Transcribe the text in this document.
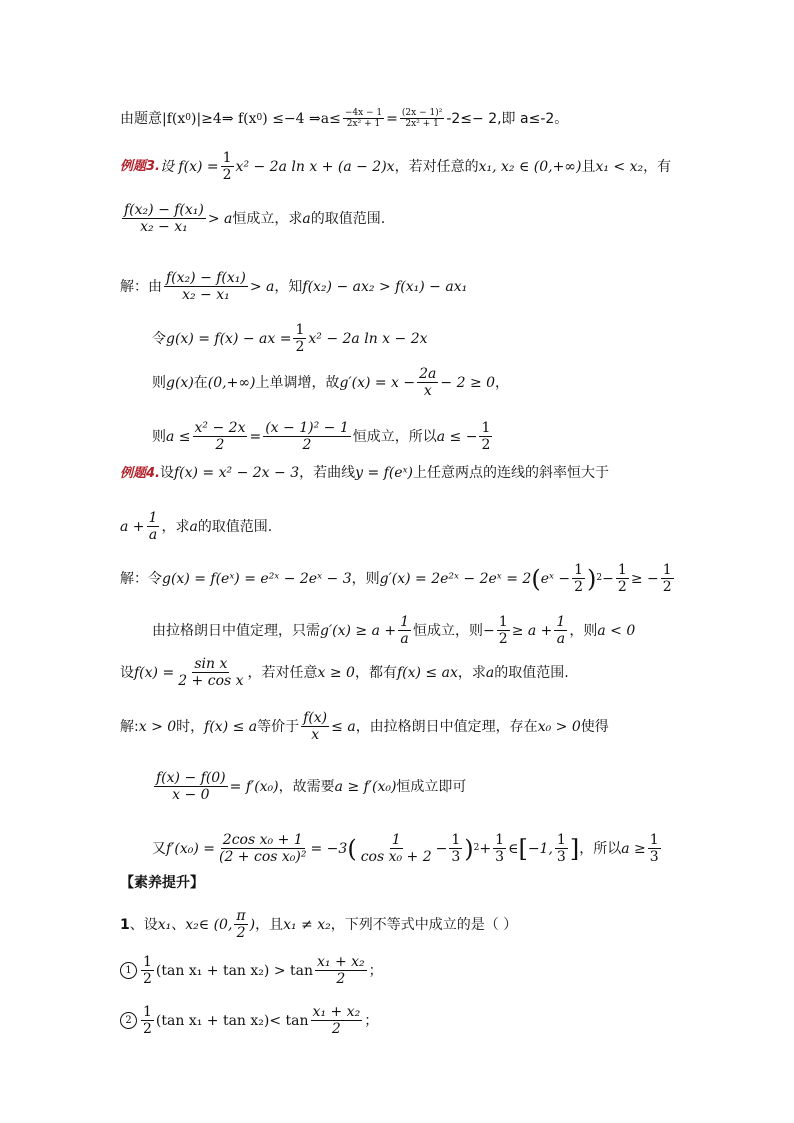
由题意 |f(x 0 )|≥4⇒ f(x 0 ) ≤−4 ⇒a≤ $\frac{-4x - 1}{\text{2x² + 1}} = \frac{\text{(2x − 1)²}}{\text{2x² + 1}} -2\le- 2$,即 a≤-2。
例题3. 设 $f(x) = \frac{1}{2} x^2 - 2a$ ln x + (a − 2)x ，若对任意的 x₁, x₂ ∈ (0,+∞) 且 x₁ < x₂ ，有
$\frac{\text{f(x₂) − f(x₁)}}{\text{x₂ − x₁}} > a$ 恒成立，求 a 的取值范围.
解：由 $\frac{\text{f(x₂) − f(x₁)}}{\text{x₂ − x₁}} > a$ ，知 f(x₂) − ax₂ > f(x₁) − ax₁
令 g(x) = f(x) − ax = $\frac{1}{2} x^2 - 2a$ ln x − 2x
则 g(x) 在 (0,+∞) 上单调增，故 $g'(x) = x - \frac{2a}{x} - 2 \ge 0$ ，
则 $a \le \frac{\text{x² − 2x}}{2} = \frac{\text{(x − 1)² − 1}}{2}$ 恒成立，所以 a ≤ − $\frac{1}{2}$
例题4. 设 f(x) = x² − 2x − 3 ，若曲线 y = f(eˣ) 上任意两点的连线的斜率恒大于
$a + \frac{1}{a}$ ，求 a 的取值范围.
解：令 g(x) = f(eˣ) = e²ˣ − 2eˣ − 3 ，则 g′(x) = 2e²ˣ − 2eˣ = 2 ( eˣ − $\frac{1}{2}$ ) $2 - \frac{1}{2}$ ≥ − $\frac{1}{2}$
由拉格朗日中值定理，只需 $g'(x) \ge a + \frac{1}{a}$ 恒成立 ，则 − $\frac{1}{2} \ge a + \frac{1}{a}$ ，则 a < 0
设 $f(x) = \frac{\text{sin x}}{\text{2 + cos x}}$ ，若对任意 x ≥ 0 ，都有 f(x) ≤ ax ，求 a 的取值范围.
解: x > 0 时， f(x) ≤ a 等价于 $\frac{f(x)}{x} \le a$ ，由拉格朗日中值定理，存在 x₀ > 0 使得
$\frac{f(x) - f(0)}{x - 0} = f'(x_0)$ ，故需要 a ≥ f′(x₀) 恒成立即可
又 $f'(x_0) = \frac{\text{2cos x₀ + 1}}{\text{(2 + cos x₀)²}} = -3$ ( $\frac{1}{\text{cos x₀ + 2}} - \frac{1}{3}$ ) $2 + \frac{1}{3}$ ∈ [ −1, $\frac{1}{3}$ ] ，所以 $a \ge \frac{1}{3}$
【素养提升】
1 、设 x₁ 、 x₂ ∈ (0, $\frac{\pi}{2}$ ) ，且 x₁ ≠ x₂ ，下列不等式中成立的是（ ）
$1 \frac{1}{2} (\tan$ $x_1 + \tan x_2) > \tan \frac{\text{x₁ + x₂}}{2}$ ；
$2 \frac{1}{2} (\tan$ $x_1 + \tan x_2)< \tan \frac{\text{x₁ + x₂}}{2}$ ；
